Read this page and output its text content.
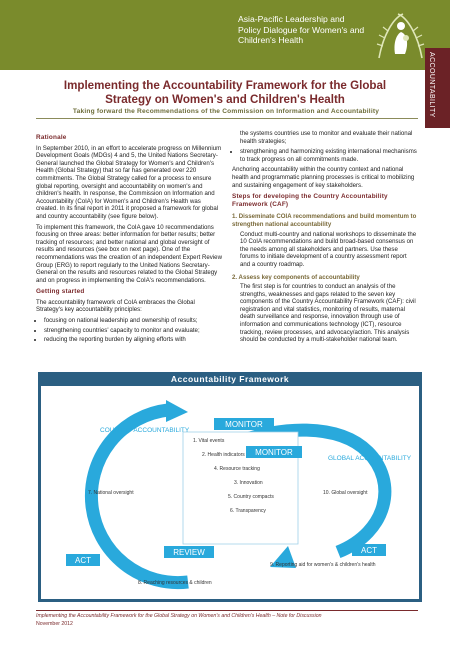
Asia-Pacific Leadership and Policy Dialogue for Women's and Children's Health
ACCOUNTABILITY
Implementing the Accountability Framework for the Global Strategy on Women's and Children's Health
Taking forward the Recommendations of the Commission on Information and Accountability
Rationale

In September 2010, in an effort to accelerate progress on Millennium Development Goals (MDGs) 4 and 5, the United Nations Secretary-General launched the Global Strategy for Women's and Children's Health (Global Strategy) that so far has generated over 220 commitments. The Global Strategy called for a process to ensure global reporting, oversight and accountability on women's and children's health. In response, the Commission on Information and Accountability (CoIA) for Women's and Children's Health was created. In its final report in 2011 it proposed a framework for global and country accountability (see figure below).

To implement this framework, the CoIA gave 10 recommendations focusing on three areas: better information for better results; better tracking of resources; and better national and global oversight of results and resources (see box on next page). One of the recommendations was the creation of an independent Expert Review Group (ERG) to report regularly to the United Nations Secretary-General on the results and resources related to the Global Strategy and on progress in implementing the CoIA's recommendations.

Getting started

The accountability framework of CoIA embraces the Global Strategy's key accountability principles:

• focusing on national leadership and ownership of results;
• strengthening countries' capacity to monitor and evaluate;
• reducing the reporting burden by aligning efforts with

the systems countries use to monitor and evaluate their national health strategies;

• strengthening and harmonizing existing international mechanisms to track progress on all commitments made.

Anchoring accountability within the country context and national health and programmatic planning processes is critical to mobilizing and sustaining engagement of key stakeholders.

Steps for developing the Country Accountability Framework (CAF)
1. Disseminate COIA recommendations and build momentum to strengthen national accountability

Conduct multi-country and national workshops to disseminate the 10 CoIA recommendations and build broad-based consensus on the needs among all stakeholders and partners. Use these forums to initiate development of a country assessment report and a country roadmap.

2. Assess key components of accountability

The first step is for countries to conduct an analysis of the strengths, weaknesses and gaps related to the seven key components of the Country Accountability Framework (CAF): civil registration and vital statistics, monitoring of results, maternal death surveillance and response, innovation through use of information and communications technology (ICT), resource tracking, review processes, and advocacy/action. This analysis should be conducted by a multi-stakeholder national team.

Accountability Framework
COUNTRY ACCOUNTABILITY
GLOBAL ACCOUNTABILITY
MONITOR
MONITOR
REVIEW
ACT
ACT
1. Vital events
2. Health indicators
4. Resource tracking
3. Innovation
5. Country compacts
6. Transparency
7. National oversight	10. Global oversight
9. Reporting aid for women's & children's health
8. Reaching resources & children
Implementing the Accountability Framework for the Global Strategy on Women's and Children's Health – Note for Discussion
November 2012
